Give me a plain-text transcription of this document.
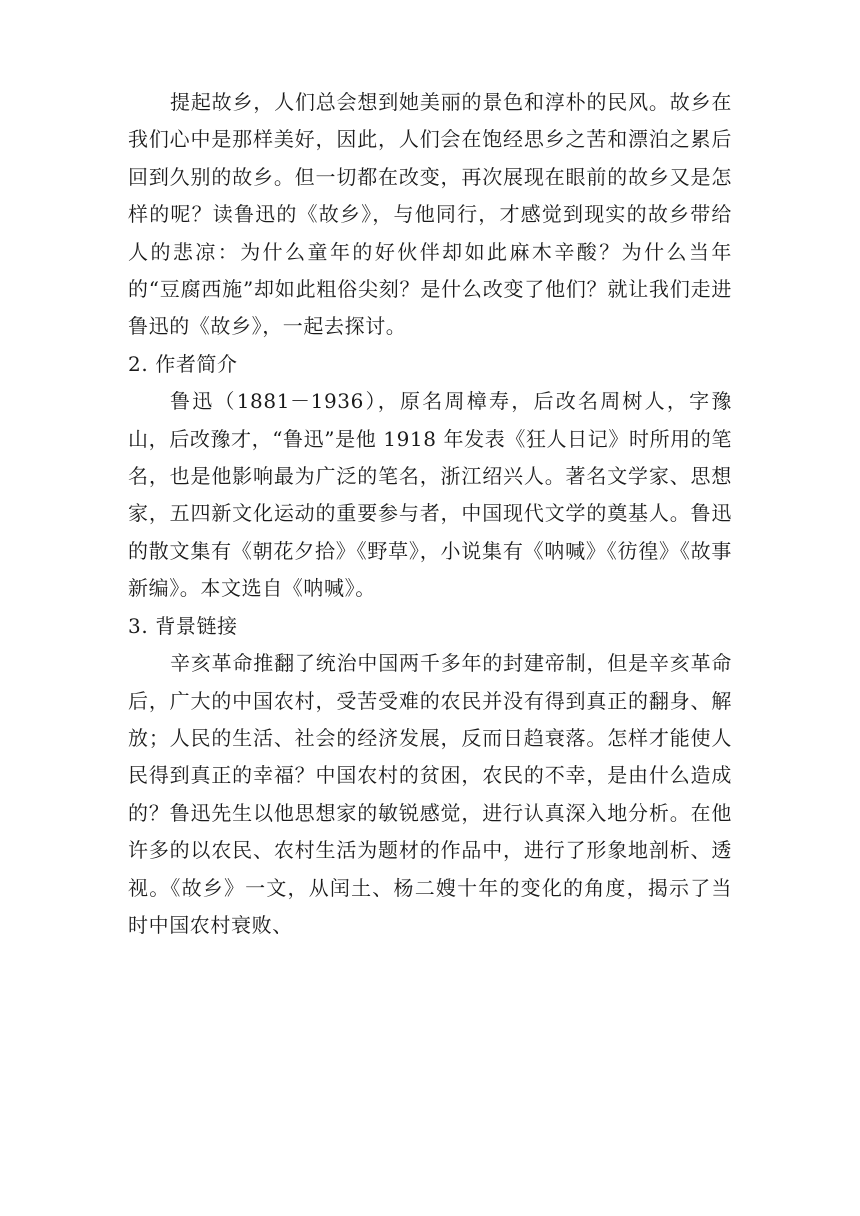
提起故乡，人们总会想到她美丽的景色和淳朴的民风。故乡在我们心中是那样美好，因此，人们会在饱经思乡之苦和漂泊之累后回到久别的故乡。但一切都在改变，再次展现在眼前的故乡又是怎样的呢？读鲁迅的《故乡》，与他同行，才感觉到现实的故乡带给人的悲凉：为什么童年的好伙伴却如此麻木辛酸？为什么当年的“豆腐西施”却如此粗俗尖刻？是什么改变了他们？就让我们走进鲁迅的《故乡》，一起去探讨。

2. 作者简介

鲁迅（1881－1936），原名周樟寿，后改名周树人，字豫山，后改豫才，“鲁迅”是他 1918 年发表《狂人日记》时所用的笔名，也是他影响最为广泛的笔名，浙江绍兴人。著名文学家、思想家，五四新文化运动的重要参与者，中国现代文学的奠基人。鲁迅的散文集有《朝花夕拾》《野草》，小说集有《呐喊》《彷徨》《故事新编》。本文选自《呐喊》。

3. 背景链接

辛亥革命推翻了统治中国两千多年的封建帝制，但是辛亥革命后，广大的中国农村，受苦受难的农民并没有得到真正的翻身、解放；人民的生活、社会的经济发展，反而日趋衰落。怎样才能使人民得到真正的幸福？中国农村的贫困，农民的不幸，是由什么造成的？鲁迅先生以他思想家的敏锐感觉，进行认真深入地分析。在他许多的以农民、农村生活为题材的作品中，进行了形象地剖析、透视。《故乡》一文，从闰土、杨二嫂十年的变化的角度，揭示了当时中国农村衰败、
